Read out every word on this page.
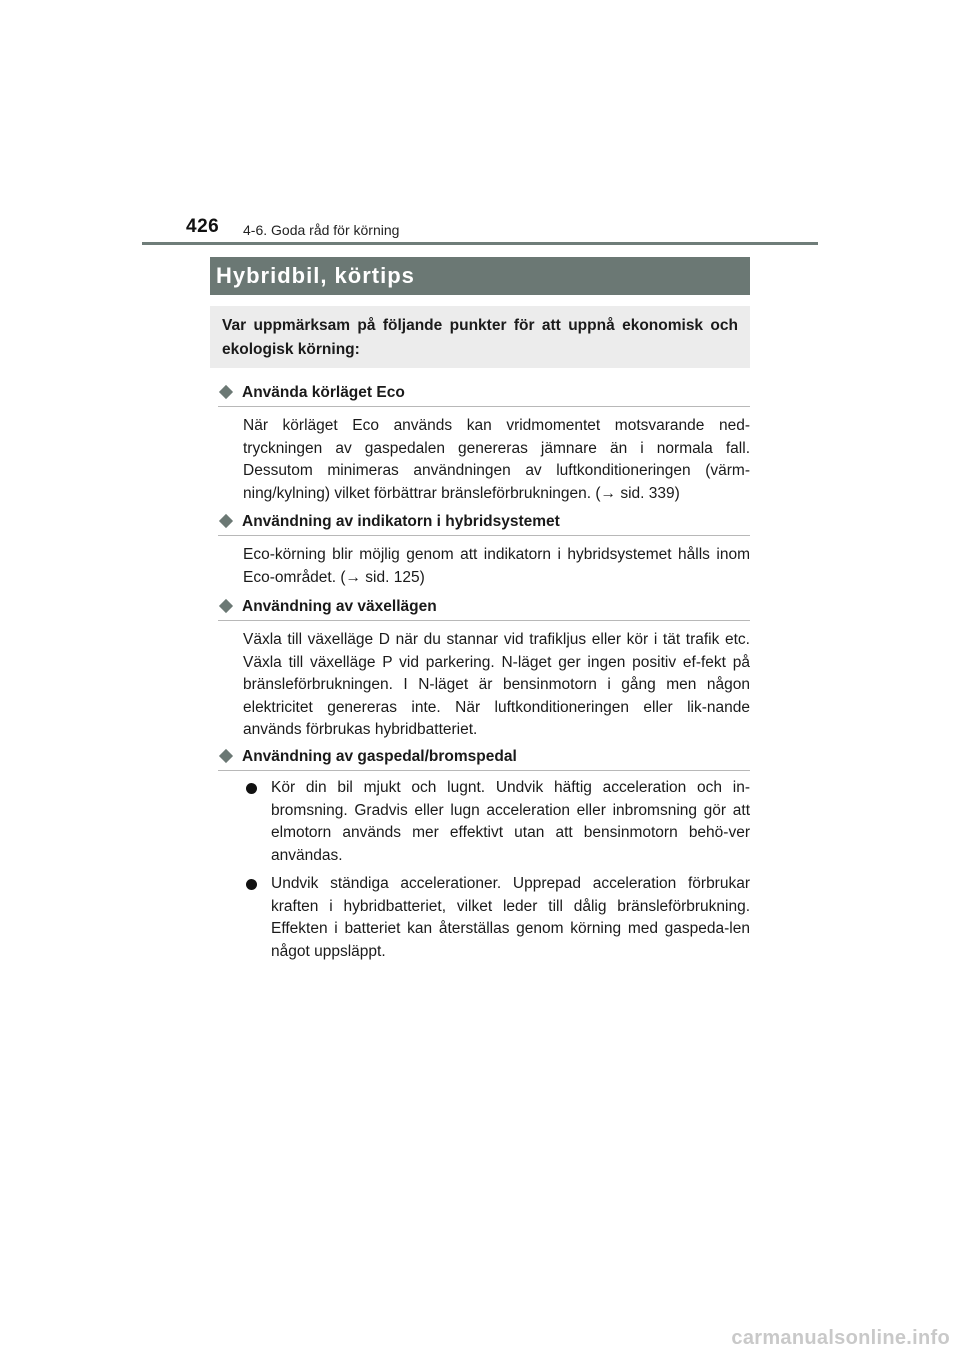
426 4-6. Goda råd för körning
Hybridbil, körtips
Var uppmärksam på följande punkter för att uppnå ekonomisk och ekologisk körning:
Använda körläget Eco
När körläget Eco används kan vridmomentet motsvarande ned-tryckningen av gaspedalen genereras jämnare än i normala fall. Dessutom minimeras användningen av luftkonditioneringen (värm-ning/kylning) vilket förbättrar bränsleförbrukningen. (→ sid. 339)
Användning av indikatorn i hybridsystemet
Eco-körning blir möjlig genom att indikatorn i hybridsystemet hålls inom Eco-området. (→ sid. 125)
Användning av växellägen
Växla till växelläge D när du stannar vid trafikljus eller kör i tät trafik etc. Växla till växelläge P vid parkering. N-läget ger ingen positiv ef-fekt på bränsleförbrukningen. I N-läget är bensinmotorn i gång men någon elektricitet genereras inte. När luftkonditioneringen eller lik-nande används förbrukas hybridbatteriet.
Användning av gaspedal/bromspedal
Kör din bil mjukt och lugnt. Undvik häftig acceleration och in-bromsning. Gradvis eller lugn acceleration eller inbromsning gör att elmotorn används mer effektivt utan att bensinmotorn behö-ver användas.
Undvik ständiga accelerationer. Upprepad acceleration förbrukar kraften i hybridbatteriet, vilket leder till dålig bränsleförbrukning. Effekten i batteriet kan återställas genom körning med gaspeda-len något uppsläppt.
carmanualsonline.info
